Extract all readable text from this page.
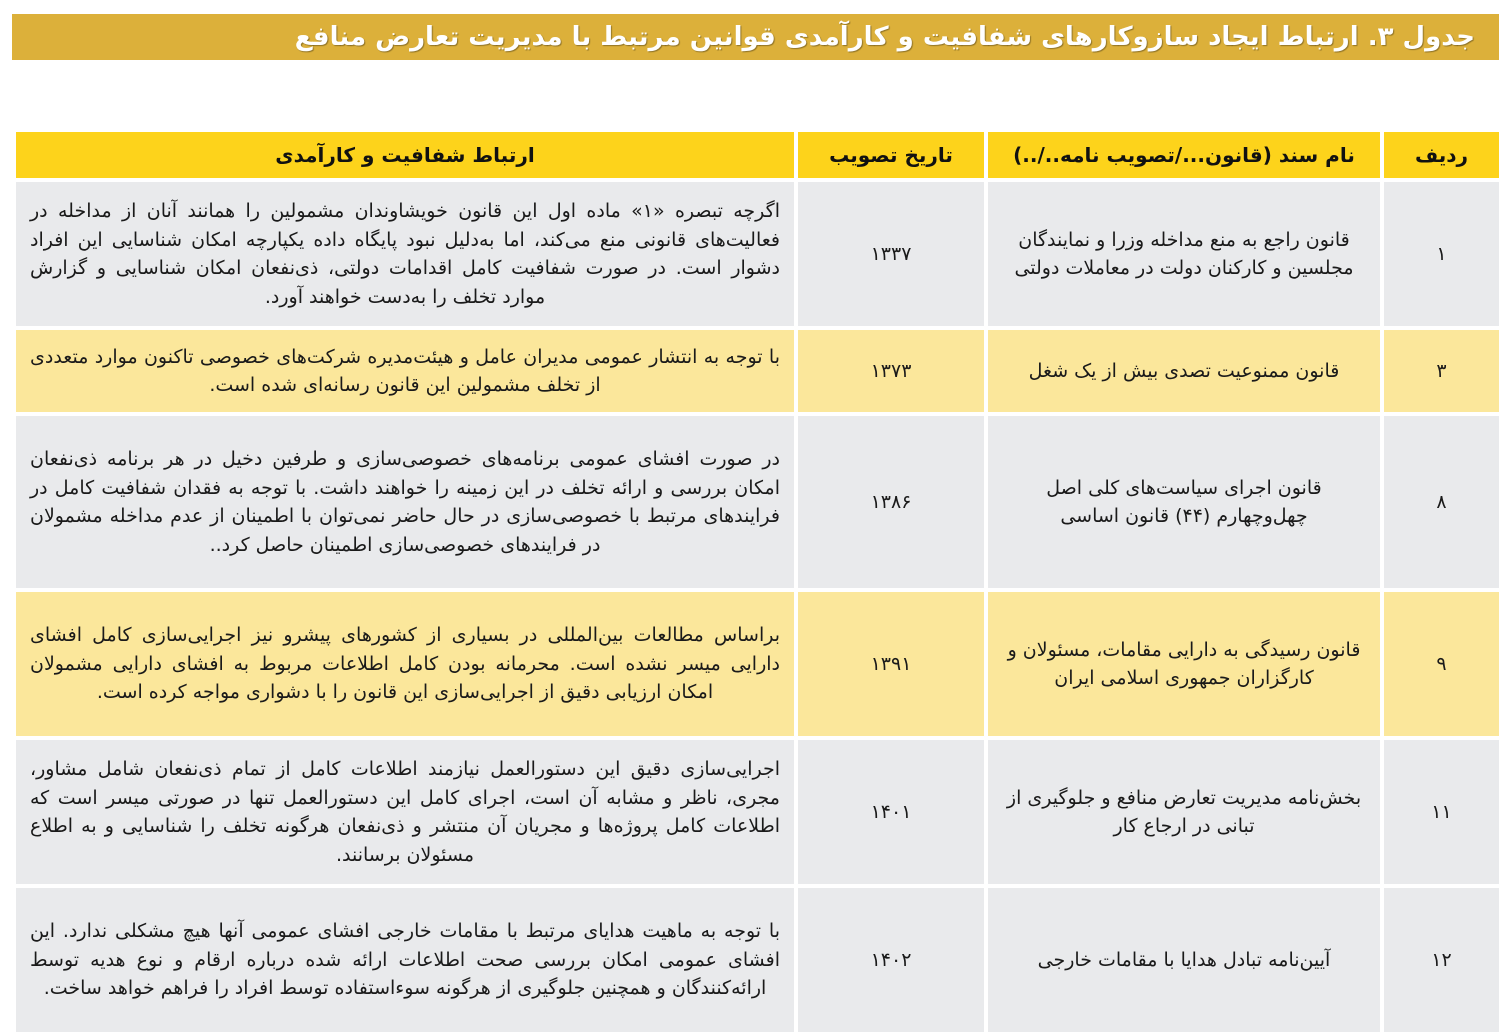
جدول ۳. ارتباط ایجاد سازوکارهای شفافیت و کارآمدی قوانین مرتبط با مدیریت تعارض منافع
ردیف	نام سند (قانون.../تصویب نامه../..)	تاریخ تصویب	ارتباط شفافیت و کارآمدی
۱	قانون راجع به منع مداخله وزرا و نمایندگان مجلسین و کارکنان دولت در معاملات دولتی	۱۳۳۷	اگرچه تبصره «۱» ماده اول این قانون خویشاوندان مشمولین را همانند آنان از مداخله در فعالیت‌های قانونی منع می‌کند، اما به‌دلیل نبود پایگاه داده یکپارچه امکان شناسایی این افراد دشوار است. در صورت شفافیت کامل اقدامات دولتی، ذی‌نفعان امکان شناسایی و گزارش موارد تخلف را به‌دست خواهند آورد.
۳	قانون ممنوعیت تصدی بیش از یک شغل	۱۳۷۳	با توجه به انتشار عمومی مدیران عامل و هیئت‌مدیره شرکت‌های خصوصی تاکنون موارد متعددی از تخلف مشمولین این قانون رسانه‌ای شده است.
۸	قانون اجرای سیاست‌های کلی اصل چهل‌وچهارم (۴۴) قانون اساسی	۱۳۸۶	در صورت افشای عمومی برنامه‌های خصوصی‌سازی و طرفین دخیل در هر برنامه ذی‌نفعان امکان بررسی و ارائه تخلف در این زمینه را خواهند داشت. با توجه به فقدان شفافیت کامل در فرایندهای مرتبط با خصوصی‌سازی در حال حاضر نمی‌توان با اطمینان از عدم مداخله مشمولان در فرایندهای خصوصی‌سازی اطمینان حاصل کرد..
۹	قانون رسیدگی به دارایی مقامات، مسئولان و کارگزاران جمهوری اسلامی ایران	۱۳۹۱	براساس مطالعات بین‌المللی در بسیاری از کشورهای پیشرو نیز اجرایی‌سازی کامل افشای دارایی میسر نشده است. محرمانه بودن کامل اطلاعات مربوط به افشای دارایی مشمولان امکان ارزیابی دقیق از اجرایی‌سازی این قانون را با دشواری مواجه کرده است.
۱۱	بخش‌نامه مدیریت تعارض منافع و جلوگیری از تبانی در ارجاع کار	۱۴۰۱	اجرایی‌سازی دقیق این دستورالعمل نیازمند اطلاعات کامل از تمام ذی‌نفعان شامل مشاور، مجری، ناظر و مشابه آن است، اجرای کامل این دستورالعمل تنها در صورتی میسر است که اطلاعات کامل پروژه‌ها و مجریان آن منتشر و ذی‌نفعان هرگونه تخلف را شناسایی و به اطلاع مسئولان برسانند.
۱۲	آیین‌نامه تبادل هدایا با مقامات خارجی	۱۴۰۲	با توجه به ماهیت هدایای مرتبط با مقامات خارجی افشای عمومی آنها هیچ مشکلی ندارد. این افشای عمومی امکان بررسی صحت اطلاعات ارائه شده درباره ارقام و نوع هدیه توسط ارائه‌کنندگان و همچنین جلوگیری از هرگونه سوءاستفاده توسط افراد را فراهم خواهد ساخت.
